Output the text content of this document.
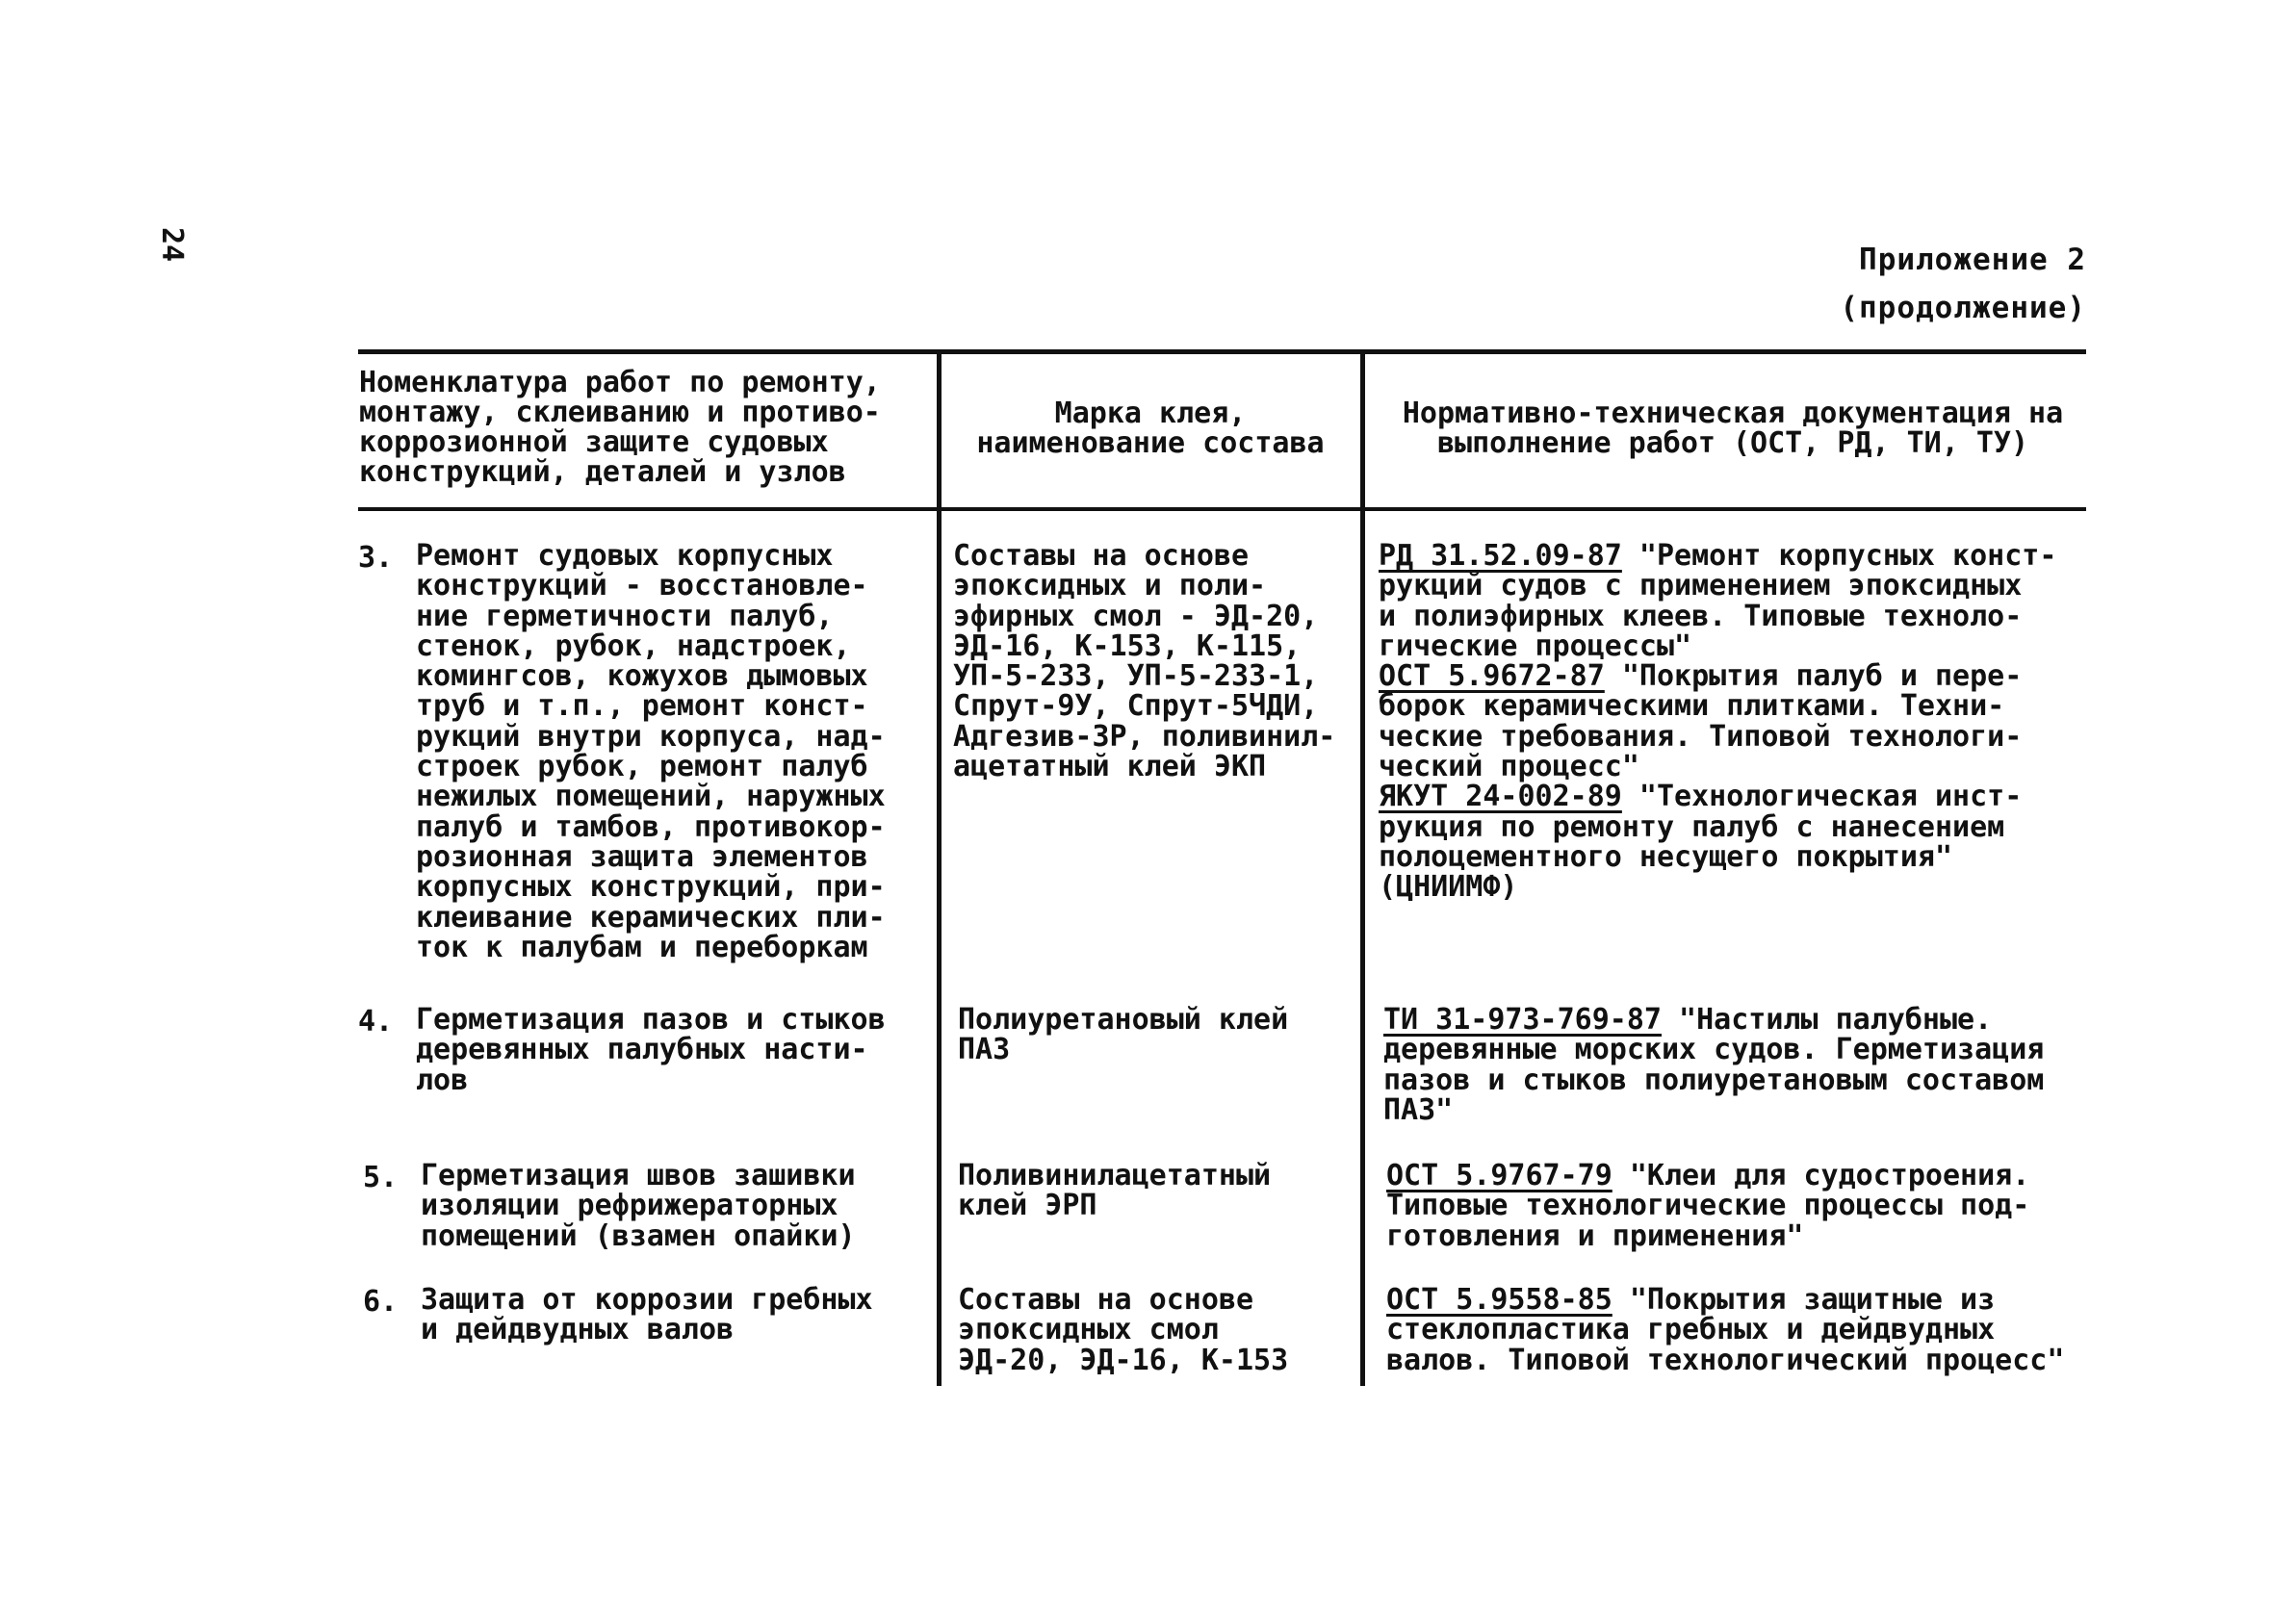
24	Приложение 2
(продолжение)
Номенклатура работ по ремонту,
монтажу, склеиванию и противо-
коррозионной защите судовых
конструкций, деталей и узлов
Марка клея,
наименование состава
Нормативно-техническая документация на
выполнение работ (ОСТ, РД, ТИ, ТУ)
3. Ремонт судовых корпусных
конструкций - восстановле-
ние герметичности палуб,
стенок, рубок, надстроек,
комингсов, кожухов дымовых
труб и т.п., ремонт конст-
рукций внутри корпуса, над-
строек рубок, ремонт палуб
нежилых помещений, наружных
палуб и тамбов, противокор-
розионная защита элементов
корпусных конструкций, при-
клеивание керамических пли-
ток к палубам и переборкам
Составы на основе
эпоксидных и поли-
эфирных смол - ЭД-20,
ЭД-16, К-153, К-115,
УП-5-233, УП-5-233-1,
Спрут-9У, Спрут-5ЧДИ,
Адгезив-ЗР, поливинил-
ацетатный клей ЭКП
РД 31.52.09-87 "Ремонт корпусных конст-
рукций судов с применением эпоксидных
и полиэфирных клеев. Типовые техноло-
гические процессы"
ОСТ 5.9672-87 "Покрытия палуб и пере-
борок керамическими плитками. Техни-
ческие требования. Типовой технологи-
ческий процесс"
ЯКУТ 24-002-89 "Технологическая инст-
рукция по ремонту палуб с нанесением
полоцементного несущего покрытия"
(ЦНИИМФ)
4. Герметизация пазов и стыков
деревянных палубных насти-
лов
Полиуретановый клей
ПАЗ
ТИ 31-973-769-87 "Настилы палубные.
деревянные морских судов. Герметизация
пазов и стыков полиуретановым составом
ПАЗ"
5. Герметизация швов зашивки
изоляции рефрижераторных
помещений (взамен опайки)
Поливинилацетатный
клей ЭРП
ОСТ 5.9767-79 "Клеи для судостроения.
Типовые технологические процессы под-
готовления и применения"
6. Защита от коррозии гребных
и дейдвудных валов
Составы на основе
эпоксидных смол
ЭД-20, ЭД-16, К-153
ОСТ 5.9558-85 "Покрытия защитные из
стеклопластика гребных и дейдвудных
валов. Типовой технологический процесс"
